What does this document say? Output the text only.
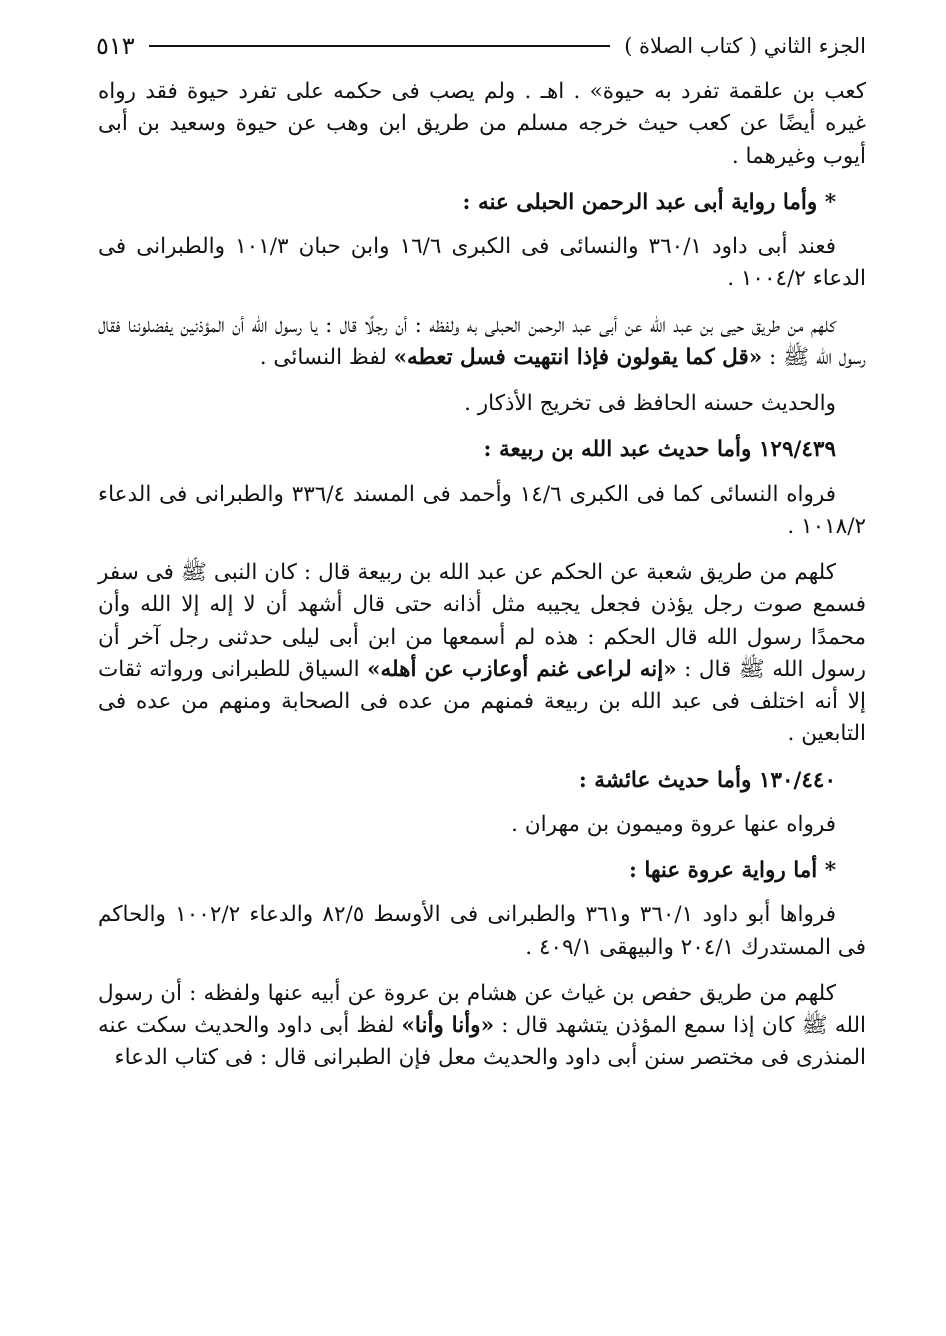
الجزء الثاني ( كتاب الصلاة )
٥١٣

كعب بن علقمة تفرد به حيوة» . اهـ . ولم يصب فى حكمه على تفرد حيوة فقد رواه غيره أيضًا عن كعب حيث خرجه مسلم من طريق ابن وهب عن حيوة وسعيد بن أبى أيوب وغيرهما .

* وأما رواية أبى عبد الرحمن الحبلى عنه :

فعند أبى داود ٣٦٠/١ والنسائى فى الكبرى ١٦/٦ وابن حبان ١٠١/٣ والطبرانى فى الدعاء ١٠٠٤/٢ .

كلهم من طريق حيى بن عبد الله عن أبى عبد الرحمن الحبلى به ولفظه : أن رجلًا قال : يا رسول الله أن المؤذنين يفضلوننا فقال رسول الله ﷺ : «قل كما يقولون فإذا انتهيت فسل تعطه» لفظ النسائى .

والحديث حسنه الحافظ فى تخريج الأذكار .

١٢٩/٤٣٩ وأما حديث عبد الله بن ربيعة :

فرواه النسائى كما فى الكبرى ١٤/٦ وأحمد فى المسند ٣٣٦/٤ والطبرانى فى الدعاء ١٠١٨/٢ .

كلهم من طريق شعبة عن الحكم عن عبد الله بن ربيعة قال : كان النبى ﷺ فى سفر فسمع صوت رجل يؤذن فجعل يجيبه مثل أذانه حتى قال أشهد أن لا إله إلا الله وأن محمدًا رسول الله قال الحكم : هذه لم أسمعها من ابن أبى ليلى حدثنى رجل آخر أن رسول الله ﷺ قال : «إنه لراعى غنم أوعازب عن أهله» السياق للطبرانى ورواته ثقات إلا أنه اختلف فى عبد الله بن ربيعة فمنهم من عده فى الصحابة ومنهم من عده فى التابعين .

١٣٠/٤٤٠ وأما حديث عائشة :

فرواه عنها عروة وميمون بن مهران .

* أما رواية عروة عنها :

فرواها أبو داود ٣٦٠/١ و٣٦١ والطبرانى فى الأوسط ٨٢/٥ والدعاء ١٠٠٢/٢ والحاكم فى المستدرك ٢٠٤/١ والبيهقى ٤٠٩/١ .

كلهم من طريق حفص بن غياث عن هشام بن عروة عن أبيه عنها ولفظه : أن رسول الله ﷺ كان إذا سمع المؤذن يتشهد قال : «وأنا وأنا» لفظ أبى داود والحديث سكت عنه المنذرى فى مختصر سنن أبى داود والحديث معل فإن الطبرانى قال : فى كتاب الدعاء
